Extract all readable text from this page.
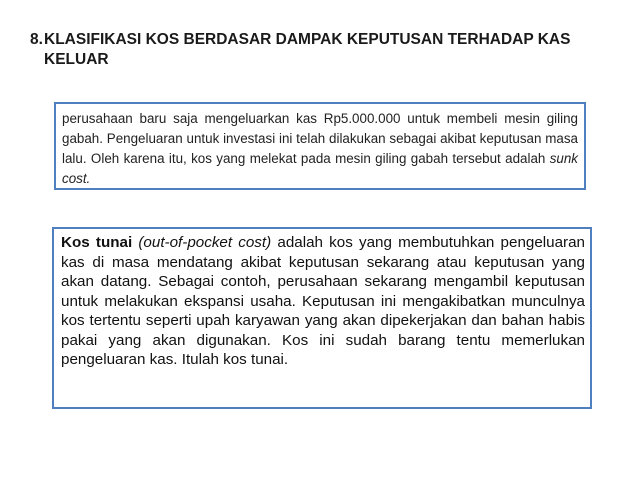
8.KLASIFIKASI KOS BERDASAR DAMPAK KEPUTUSAN TERHADAP KAS
KELUAR

perusahaan baru saja mengeluarkan kas Rp5.000.000 untuk membeli mesin giling gabah. Pengeluaran untuk investasi ini telah dilakukan sebagai akibat keputusan masa lalu. Oleh karena itu, kos yang melekat pada mesin giling gabah tersebut adalah sunk cost.

Kos tunai (out-of-pocket cost) adalah kos yang membutuhkan pengeluaran kas di masa mendatang akibat keputusan sekarang atau keputusan yang akan datang. Sebagai contoh, perusahaan sekarang mengambil keputusan untuk melakukan ekspansi usaha. Keputusan ini mengakibatkan munculnya kos tertentu seperti upah karyawan yang akan dipekerjakan dan bahan habis pakai yang akan digunakan. Kos ini sudah barang tentu memerlukan pengeluaran kas. Itulah kos tunai.
